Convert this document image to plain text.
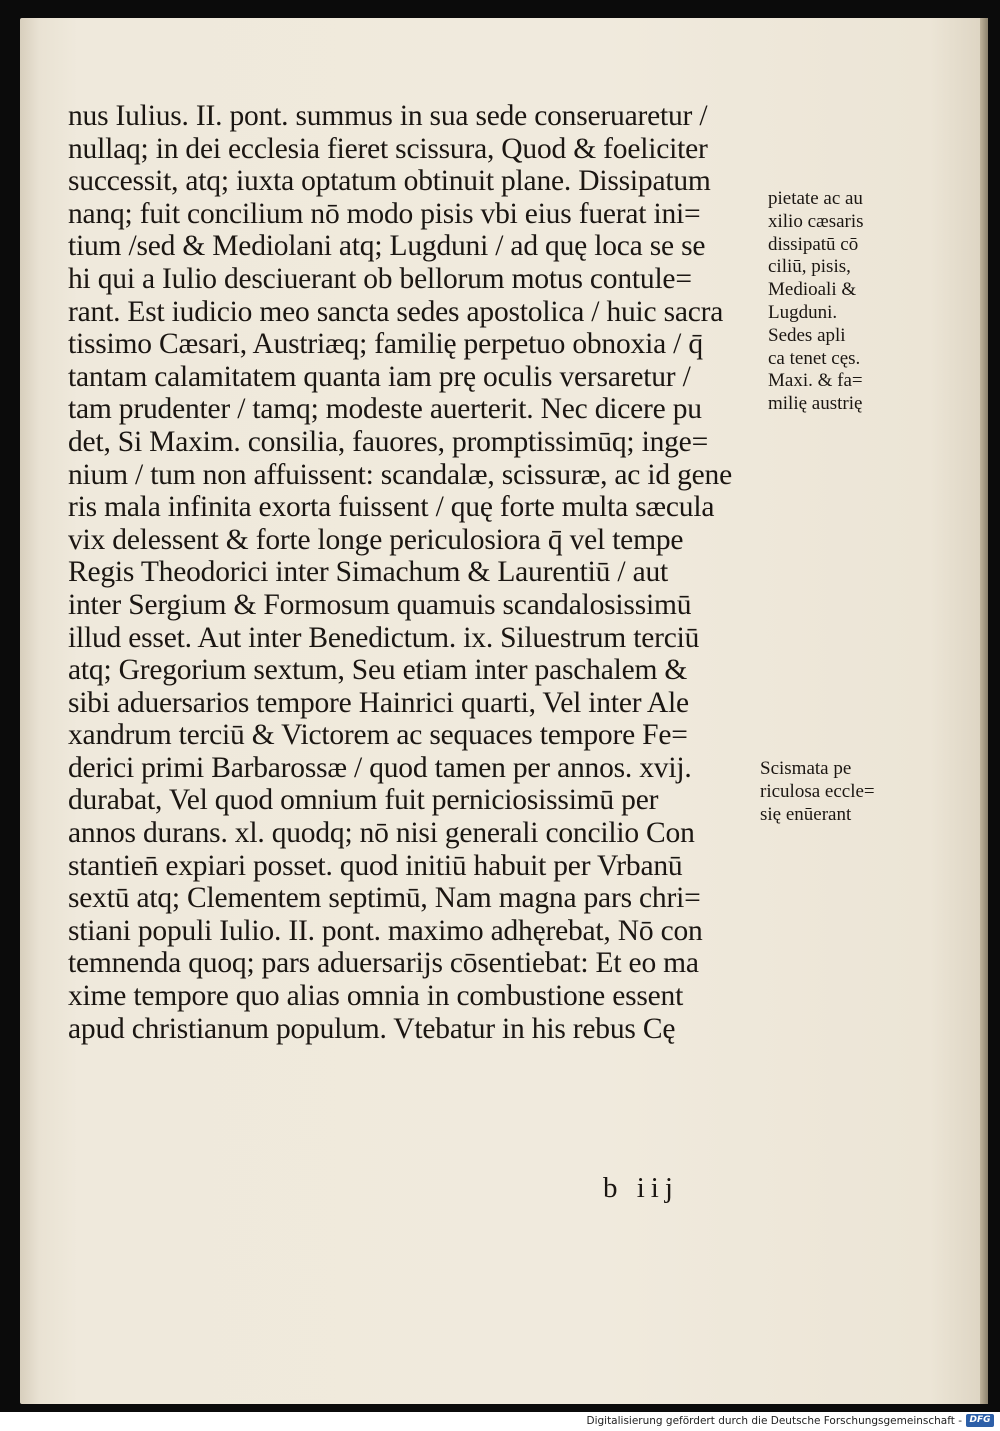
nus Iulius. II. pont. summus in sua sede conseruaretur /
nullaq; in dei ecclesia fieret scissura, Quod & foeliciter
successit, atq; iuxta optatum obtinuit plane. Dissipatum
nanq; fuit concilium nō modo pisis vbi eius fuerat ini=
tium /sed & Mediolani atq; Lugduni / ad quę loca se se
hi qui a Iulio desciuerant ob bellorum motus contule=
rant. Est iudicio meo sancta sedes apostolica / huic sacra
tissimo Cæsari, Austriæq; familię perpetuo obnoxia / q̄
tantam calamitatem quanta iam prę oculis versaretur /
tam prudenter / tamq; modeste auerterit. Nec dicere pu
det, Si Maxim. consilia, fauores, promptissimūq; inge=
nium / tum non affuissent: scandalæ, scissuræ, ac id gene
ris mala infinita exorta fuissent / quę forte multa sæcula
vix delessent & forte longe periculosiora q̄ vel tempe
Regis Theodorici inter Simachum & Laurentiū / aut
inter Sergium & Formosum quamuis scandalosissimū
illud esset. Aut inter Benedictum. ix. Siluestrum terciū
atq; Gregorium sextum, Seu etiam inter paschalem &
sibi aduersarios tempore Hainrici quarti, Vel inter Ale
xandrum terciū & Victorem ac sequaces tempore Fe=
derici primi Barbarossæ / quod tamen per annos. xvij.
durabat, Vel quod omnium fuit perniciosissimū per
annos durans. xl. quodq; nō nisi generali concilio Con
stantien̄ expiari posset. quod initiū habuit per Vrbanū
sextū atq; Clementem septimū, Nam magna pars chri=
stiani populi Iulio. II. pont. maximo adhęrebat, Nō con
temnenda quoq; pars aduersarijs cōsentiebat: Et eo ma
xime tempore quo alias omnia in combustione essent
apud christianum populum. Vtebatur in his rebus Cę
pietate ac au
xilio cæsaris
dissipatū cō
ciliū, pisis,
Medioali &
Lugduni.
Sedes apli
ca tenet cęs.
Maxi. & fa=
milię austrię
Scismata pe
riculosa eccle=
się enūerant
b iij
Digitalisierung gefördert durch die Deutsche Forschungsgemeinschaft - DFG
